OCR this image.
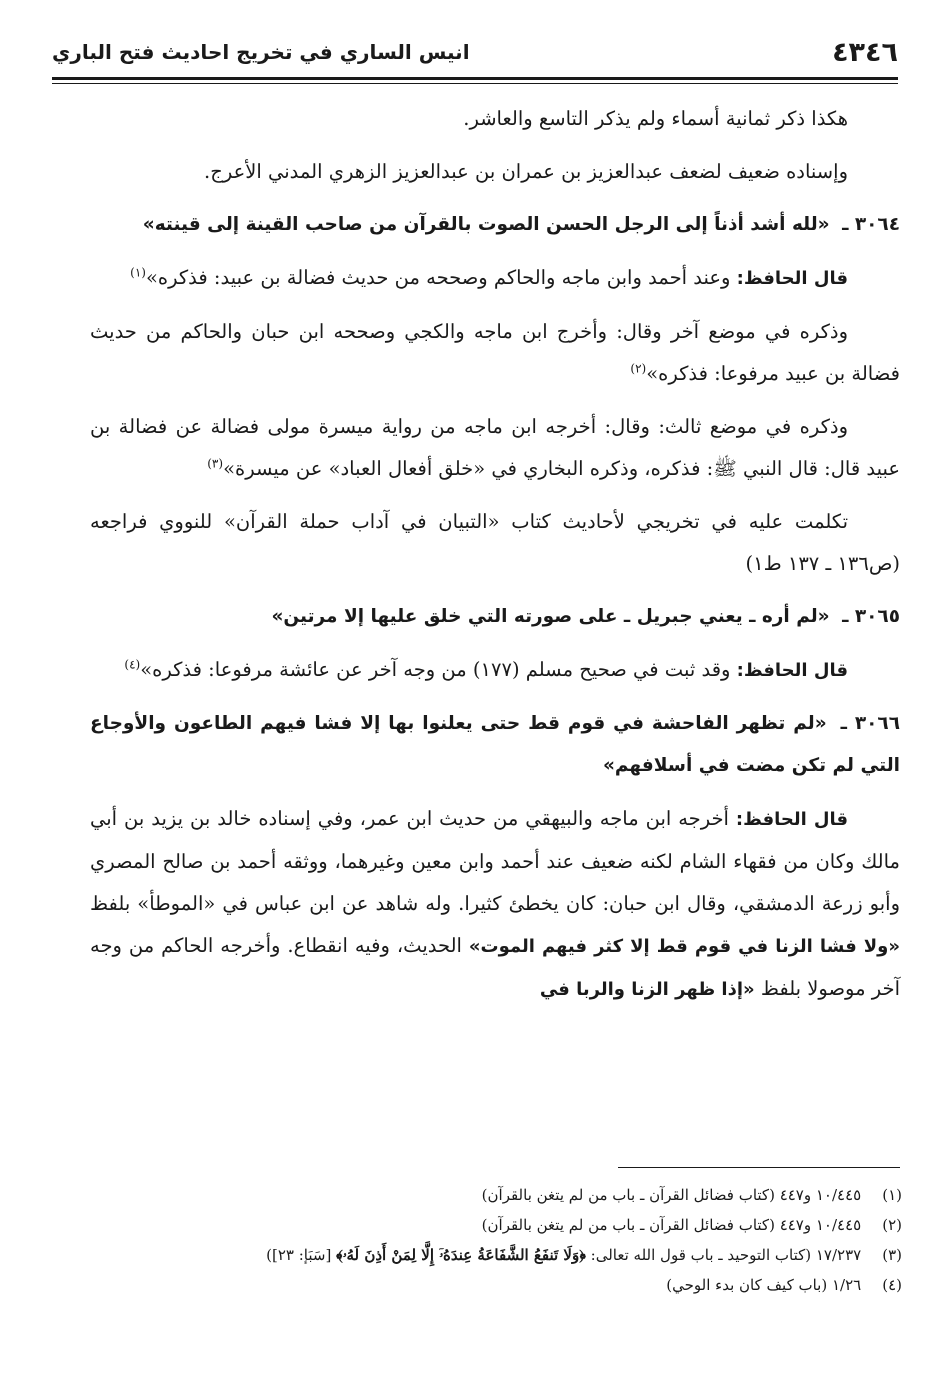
٤٣٤٦
انيس الساري في تخريج احاديث فتح الباري

هكذا ذكر ثمانية أسماء ولم يذكر التاسع والعاشر.

وإسناده ضعيف لضعف عبدالعزيز بن عمران بن عبدالعزيز الزهري المدني الأعرج.

٣٠٦٤ ـ «لله أشد أذناً إلى الرجل الحسن الصوت بالقرآن من صاحب القينة إلى قينته»

قال الحافظ: وعند أحمد وابن ماجه والحاكم وصححه من حديث فضالة بن عبيد: فذكره»$^{(١)}$

وذكره في موضع آخر وقال: وأخرج ابن ماجه والكجي وصححه ابن حبان والحاكم من حديث فضالة بن عبيد مرفوعا: فذكره»$^{(٢)}$

وذكره في موضع ثالث: وقال: أخرجه ابن ماجه من رواية ميسرة مولى فضالة عن فضالة بن عبيد قال: قال النبي ﷺ: فذكره، وذكره البخاري في «خلق أفعال العباد» عن ميسرة»$^{(٣)}$

تكلمت عليه في تخريجي لأحاديث كتاب «التبيان في آداب حملة القرآن» للنووي فراجعه (ص١٣٦ ـ ١٣٧ ط١)

٣٠٦٥ ـ «لم أره ـ يعني جبريل ـ على صورته التي خلق عليها إلا مرتين»

قال الحافظ: وقد ثبت في صحيح مسلم (١٧٧) من وجه آخر عن عائشة مرفوعا: فذكره»$^{(٤)}$

٣٠٦٦ ـ «لم تظهر الفاحشة في قوم قط حتى يعلنوا بها إلا فشا فيهم الطاعون والأوجاع التي لم تكن مضت في أسلافهم»

قال الحافظ: أخرجه ابن ماجه والبيهقي من حديث ابن عمر، وفي إسناده خالد بن يزيد بن أبي مالك وكان من فقهاء الشام لكنه ضعيف عند أحمد وابن معين وغيرهما، ووثقه أحمد بن صالح المصري وأبو زرعة الدمشقي، وقال ابن حبان: كان يخطئ كثيرا. وله شاهد عن ابن عباس في «الموطأ» بلفظ «ولا فشا الزنا في قوم قط إلا كثر فيهم الموت» الحديث، وفيه انقطاع. وأخرجه الحاكم من وجه آخر موصولا بلفظ «إذا ظهر الزنا والربا في

(١) ١٠/٤٤٥ و٤٤٧ (كتاب فضائل القرآن ـ باب من لم يتغن بالقرآن)
(٢) ١٠/٤٤٥ و٤٤٧ (كتاب فضائل القرآن ـ باب من لم يتغن بالقرآن)
(٣) ١٧/٢٣٧ (كتاب التوحيد ـ باب قول الله تعالى: ﴿وَلَا تَنفَعُ الشَّفَاعَةُ عِندَهُۥٓ إِلَّا لِمَنْ أَذِنَ لَهُۥ﴾ [سَبَإ: ٢٣])
(٤) ١/٢٦ (باب كيف كان بدء الوحي)
